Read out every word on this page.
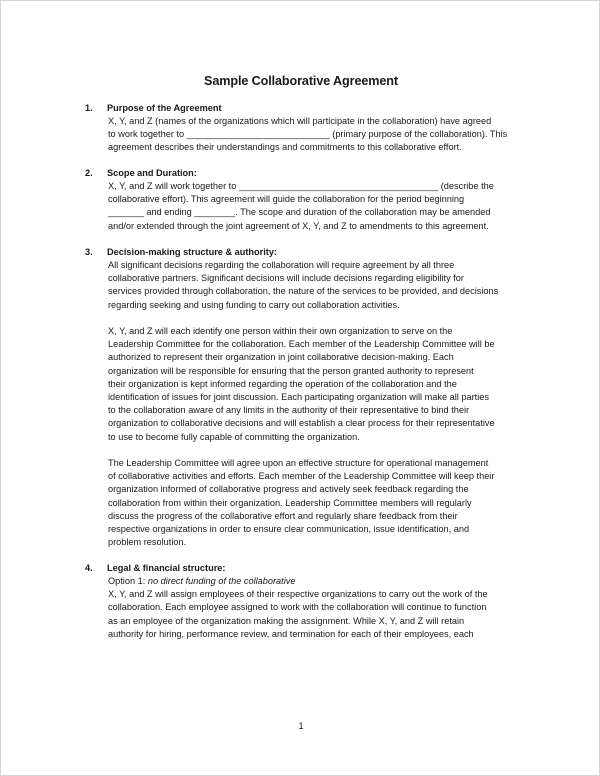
Sample Collaborative Agreement
1. Purpose of the Agreement
X, Y, and Z (names of the organizations which will participate in the collaboration) have agreed
to work together to ____________________________ (primary purpose of the collaboration). This
agreement describes their understandings and commitments to this collaborative effort.
2. Scope and Duration:
X, Y, and Z will work together to _______________________________________ (describe the
collaborative effort). This agreement will guide the collaboration for the period beginning
_______ and ending ________. The scope and duration of the collaboration may be amended
and/or extended through the joint agreement of X, Y, and Z to amendments to this agreement.
3. Decision-making structure & authority:
All significant decisions regarding the collaboration will require agreement by all three
collaborative partners. Significant decisions will include decisions regarding eligibility for
services provided through collaboration, the nature of the services to be provided, and decisions
regarding seeking and using funding to carry out collaboration activities.
X, Y, and Z will each identify one person within their own organization to serve on the
Leadership Committee for the collaboration. Each member of the Leadership Committee will be
authorized to represent their organization in joint collaborative decision-making. Each
organization will be responsible for ensuring that the person granted authority to represent
their organization is kept informed regarding the operation of the collaboration and the
identification of issues for joint discussion. Each participating organization will make all parties
to the collaboration aware of any limits in the authority of their representative to bind their
organization to collaborative decisions and will establish a clear process for their representative
to use to become fully capable of committing the organization.
The Leadership Committee will agree upon an effective structure for operational management
of collaborative activities and efforts. Each member of the Leadership Committee will keep their
organization informed of collaborative progress and actively seek feedback regarding the
collaboration from within their organization. Leadership Committee members will regularly
discuss the progress of the collaborative effort and regularly share feedback from their
respective organizations in order to ensure clear communication, issue identification, and
problem resolution.
4. Legal & financial structure:
Option 1: no direct funding of the collaborative
X, Y, and Z will assign employees of their respective organizations to carry out the work of the
collaboration. Each employee assigned to work with the collaboration will continue to function
as an employee of the organization making the assignment. While X, Y, and Z will retain
authority for hiring, performance review, and termination for each of their employees, each
1
